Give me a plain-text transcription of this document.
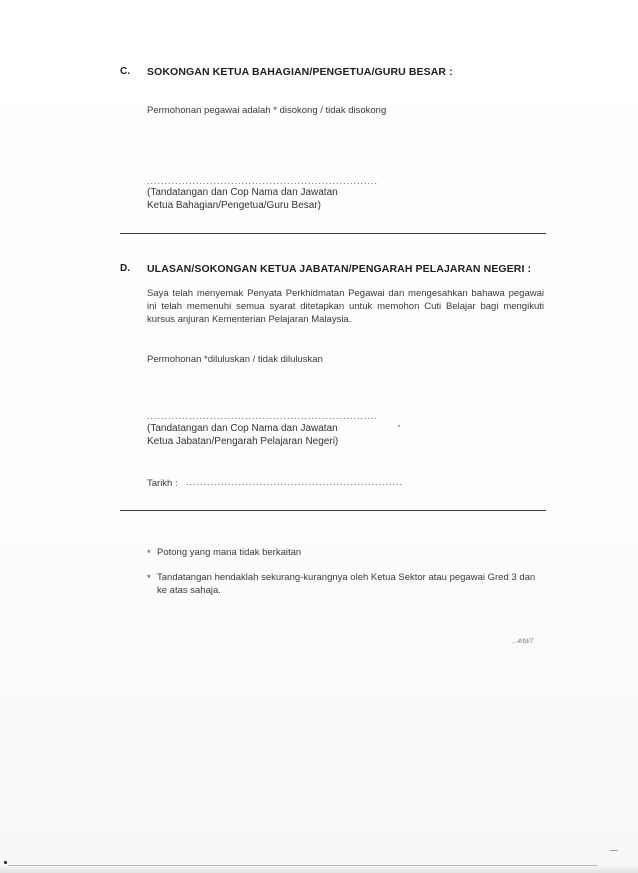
C. SOKONGAN KETUA BAHAGIAN/PENGETUA/GURU BESAR :
Permohonan pegawai adalah * disokong / tidak disokong
..................................................................
(Tandatangan dan Cop Nama dan Jawatan
Ketua Bahagian/Pengetua/Guru Besar)
D. ULASAN/SOKONGAN KETUA JABATAN/PENGARAH PELAJARAN NEGERI :
Saya telah menyemak Penyata Perkhidmatan Pegawai dan mengesahkan bahawa pegawai ini telah memenuhi semua syarat ditetapkan untuk memohon Cuti Belajar bagi mengikuti kursus anjuran Kementerian Pelajaran Malaysia.
Permohonan *diluluskan / tidak diluluskan
..................................................................
(Tandatangan dan Cop Nama dan Jawatan
Ketua Jabatan/Pengarah Pelajaran Negeri)
Tarikh : ..............................................................
* Potong yang mana tidak berkaitan
* Tandatangan hendaklah sekurang-kurangnya oleh Ketua Sektor atau pegawai Gred 3 dan ke atas sahaja.
...4/bl/7
